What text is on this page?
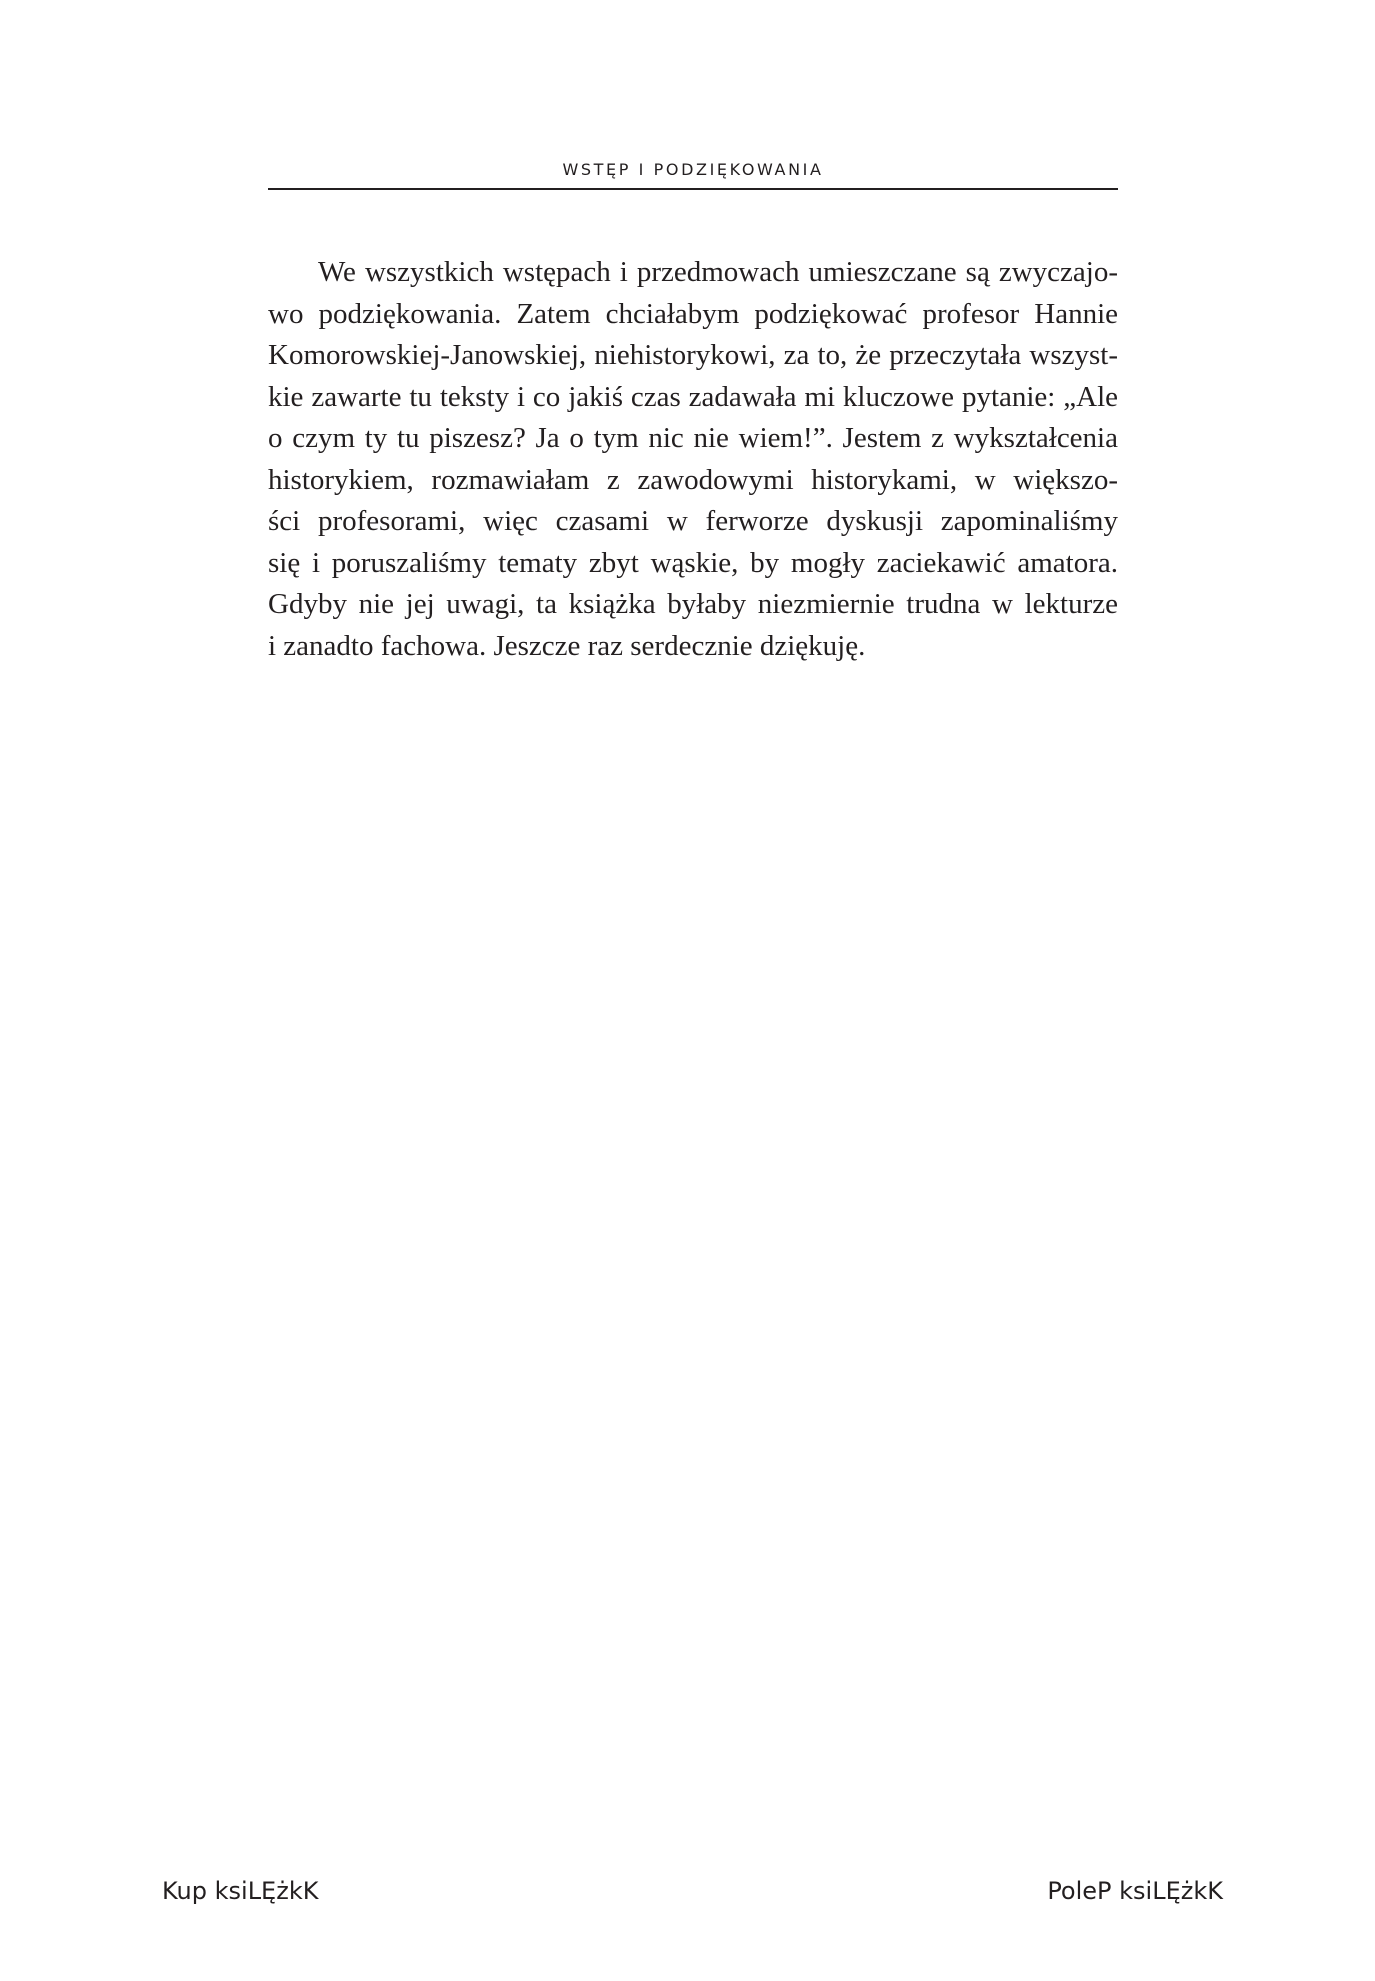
WSTĘP I PODZIĘKOWANIA
We wszystkich wstępach i przedmowach umieszczane są zwyczajo-
wo podziękowania. Zatem chciałabym podziękować profesor Hannie
Komorowskiej-Janowskiej, niehistorykowi, za to, że przeczytała wszyst-
kie zawarte tu teksty i co jakiś czas zadawała mi kluczowe pytanie: „Ale
o czym ty tu piszesz? Ja o tym nic nie wiem!”. Jestem z wykształcenia
historykiem, rozmawiałam z zawodowymi historykami, w większo-
ści profesorami, więc czasami w ferworze dyskusji zapominaliśmy
się i poruszaliśmy tematy zbyt wąskie, by mogły zaciekawić amatora.
Gdyby nie jej uwagi, ta książka byłaby niezmiernie trudna w lekturze
i zanadto fachowa. Jeszcze raz serdecznie dziękuję.
Kup ksiLĘżkK	PoleP ksiLĘżkK
